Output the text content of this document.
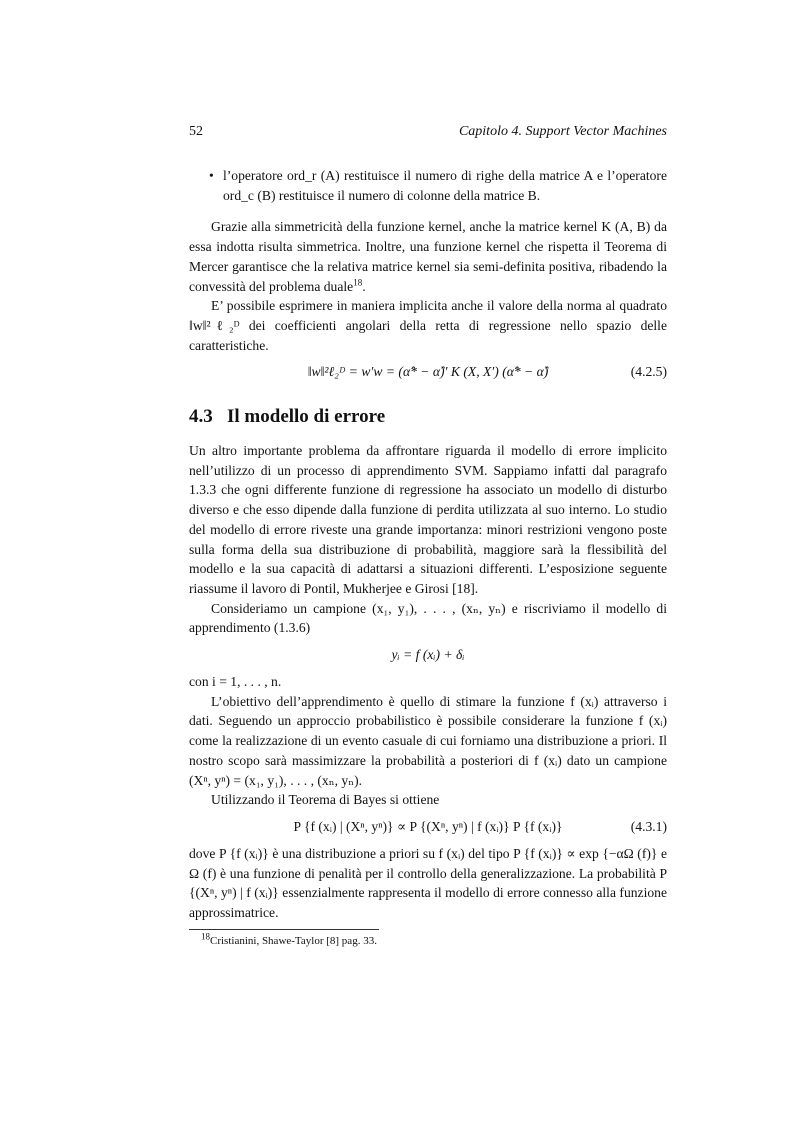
52	Capitolo 4. Support Vector Machines
• l’operatore ord_r (A) restituisce il numero di righe della matrice A e l’operatore ord_c (B) restituisce il numero di colonne della matrice B.

Grazie alla simmetricità della funzione kernel, anche la matrice kernel K (A, B) da essa indotta risulta simmetrica. Inoltre, una funzione kernel che rispetta il Teorema di Mercer garantisce che la relativa matrice kernel sia semi-definita positiva, ribadendo la convessità del problema duale$^{18}$.

E’ possibile esprimere in maniera implicita anche il valore della norma al quadrato ‖w‖²ℓ₂ᴰ dei coefficienti angolari della retta di regressione nello spazio delle caratteristiche.

‖w‖²ℓ₂ᴰ = w′w = (α̂* − α̂)′ K (X, X′) (α̂* − α̂)	(4.2.5)
4.3 Il modello di errore

Un altro importante problema da affrontare riguarda il modello di errore implicito nell’utilizzo di un processo di apprendimento SVM. Sappiamo infatti dal paragrafo 1.3.3 che ogni differente funzione di regressione ha associato un modello di disturbo diverso e che esso dipende dalla funzione di perdita utilizzata al suo interno. Lo studio del modello di errore riveste una grande importanza: minori restrizioni vengono poste sulla forma della sua distribuzione di probabilità, maggiore sarà la flessibilità del modello e la sua capacità di adattarsi a situazioni differenti. L’esposizione seguente riassume il lavoro di Pontil, Mukherjee e Girosi [18].

Consideriamo un campione (x₁, y₁), . . . , (xₙ, yₙ) e riscriviamo il modello di apprendimento (1.3.6)

yᵢ = f (xᵢ) + δᵢ

con i = 1, . . . , n.

L’obiettivo dell’apprendimento è quello di stimare la funzione f (xᵢ) attraverso i dati. Seguendo un approccio probabilistico è possibile considerare la funzione f (xᵢ) come la realizzazione di un evento casuale di cui forniamo una distribuzione a priori. Il nostro scopo sarà massimizzare la probabilità a posteriori di f (xᵢ) dato un campione (Xⁿ, yⁿ) = (x₁, y₁), . . . , (xₙ, yₙ).

Utilizzando il Teorema di Bayes si ottiene

P {f (xᵢ) | (Xⁿ, yⁿ)} ∝ P {(Xⁿ, yⁿ) | f (xᵢ)} P {f (xᵢ)}	(4.3.1)

dove P {f (xᵢ)} è una distribuzione a priori su f (xᵢ) del tipo P {f (xᵢ)} ∝ exp {−αΩ (f)} e Ω (f) è una funzione di penalità per il controllo della generalizzazione. La probabilità P {(Xⁿ, yⁿ) | f (xᵢ)} essenzialmente rappresenta il modello di errore connesso alla funzione approssimatrice.

$^{18}$Cristianini, Shawe-Taylor [8] pag. 33.
